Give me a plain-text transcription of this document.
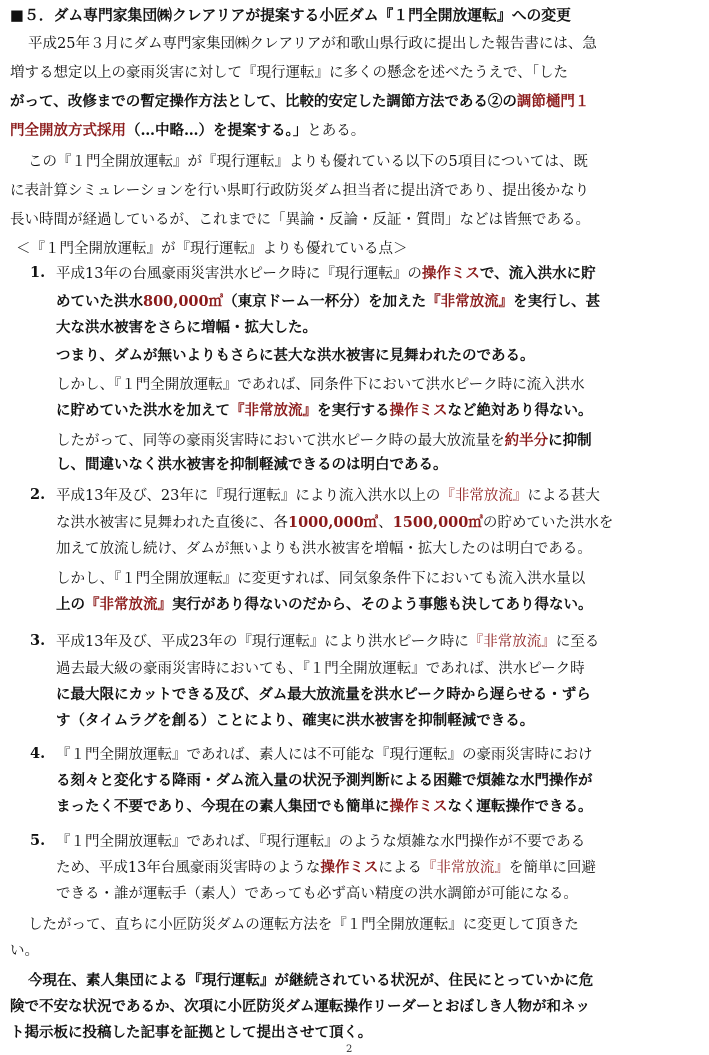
■５．ダム専門家集団㈱クレアリアが提案する小匠ダム『１門全開放運転』への変更
平成25年３月にダム専門家集団㈱クレアリアが和歌山県行政に提出した報告書には、急
増する想定以上の豪雨災害に対して『現行運転』に多くの懸念を述べたうえで、「した
がって、改修までの暫定操作方法として、比較的安定した調節方法である②の調節樋門１
門全開放方式採用（…中略…）を提案する。」とある。
この『１門全開放運転』が『現行運転』よりも優れている以下の5項目については、既
に表計算シミュレーションを行い県町行政防災ダム担当者に提出済であり、提出後かなり
長い時間が経過しているが、これまでに「異論・反論・反証・質問」などは皆無である。
＜『１門全開放運転』が『現行運転』よりも優れている点＞
1. 平成13年の台風豪雨災害洪水ピーク時に『現行運転』の操作ミスで、流入洪水に貯
めていた洪水800,000㎥（東京ドーム一杯分）を加えた『非常放流』を実行し、甚
大な洪水被害をさらに増幅・拡大した。
つまり、ダムが無いよりもさらに甚大な洪水被害に見舞われたのである。
しかし、『１門全開放運転』であれば、同条件下において洪水ピーク時に流入洪水
に貯めていた洪水を加えて『非常放流』を実行する操作ミスなど絶対あり得ない。
したがって、同等の豪雨災害時において洪水ピーク時の最大放流量を約半分に抑制
し、間違いなく洪水被害を抑制軽減できるのは明白である。
2. 平成13年及び、23年に『現行運転』により流入洪水以上の『非常放流』による甚大
な洪水被害に見舞われた直後に、各1000,000㎥、1500,000㎥の貯めていた洪水を
加えて放流し続け、ダムが無いよりも洪水被害を増幅・拡大したのは明白である。
しかし、『１門全開放運転』に変更すれば、同気象条件下においても流入洪水量以
上の『非常放流』実行があり得ないのだから、そのよう事態も決してあり得ない。
3. 平成13年及び、平成23年の『現行運転』により洪水ピーク時に『非常放流』に至る
過去最大級の豪雨災害時においても、『１門全開放運転』であれば、洪水ピーク時
に最大限にカットできる及び、ダム最大放流量を洪水ピーク時から遅らせる・ずら
す（タイムラグを創る）ことにより、確実に洪水被害を抑制軽減できる。
4. 『１門全開放運転』であれば、素人には不可能な『現行運転』の豪雨災害時におけ
る刻々と変化する降雨・ダム流入量の状況予測判断による困難で煩雑な水門操作が
まったく不要であり、今現在の素人集団でも簡単に操作ミスなく運転操作できる。
5. 『１門全開放運転』であれば、『現行運転』のような煩雑な水門操作が不要である
ため、平成13年台風豪雨災害時のような操作ミスによる『非常放流』を簡単に回避
できる・誰が運転手（素人）であっても必ず高い精度の洪水調節が可能になる。
したがって、直ちに小匠防災ダムの運転方法を『１門全開放運転』に変更して頂きた
い。
今現在、素人集団による『現行運転』が継続されている状況が、住民にとっていかに危
険で不安な状況であるか、次項に小匠防災ダム運転操作リーダーとおぼしき人物が和ネッ
ト掲示板に投稿した記事を証拠として提出させて頂く。
2
